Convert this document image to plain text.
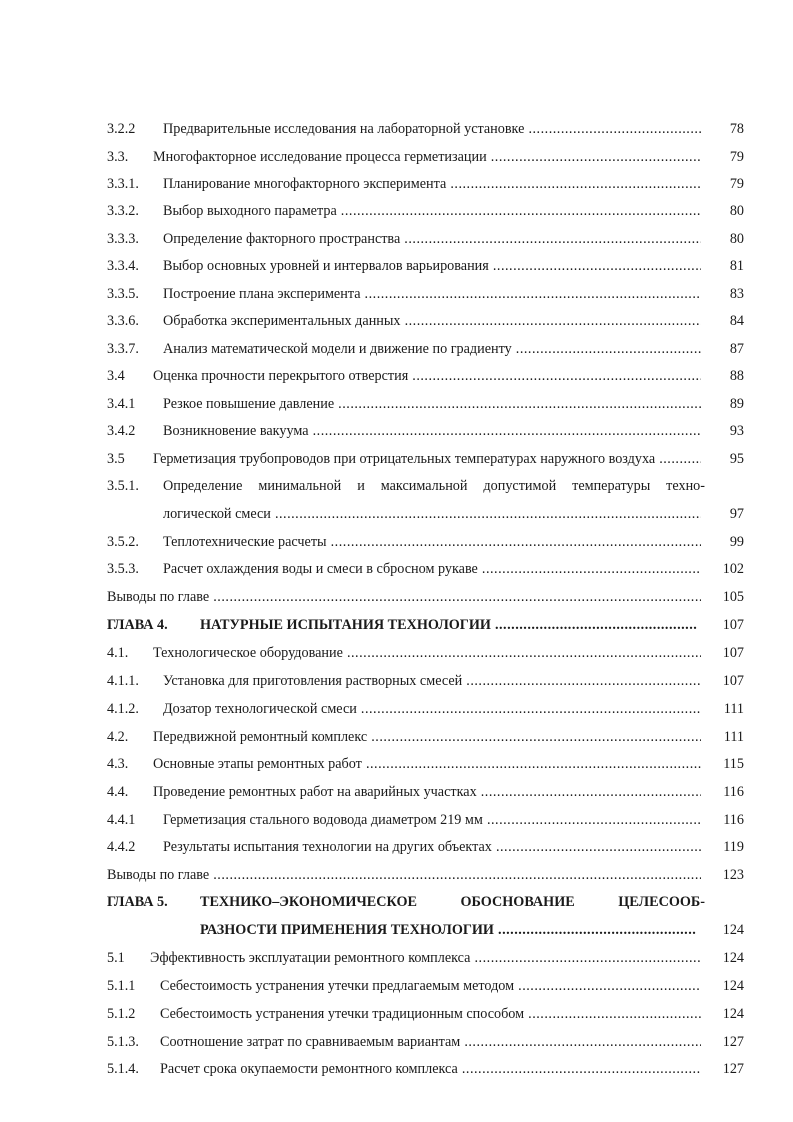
3.2.2 Предварительные исследования на лабораторной установке .....	78
3.3. Многофакторное исследование процесса герметизации .....	79
3.3.1. Планирование многофакторного эксперимента .....	79
3.3.2. Выбор выходного параметра .....	80
3.3.3. Определение факторного пространства .....	80
3.3.4. Выбор основных уровней и интервалов варьирования .....	81
3.3.5. Построение плана эксперимента .....	83
3.3.6. Обработка экспериментальных данных .....	84
3.3.7. Анализ математической модели и движение по градиенту .....	87
3.4 Оценка прочности перекрытого отверстия .....	88
3.4.1 Резкое повышение давление .....	89
3.4.2 Возникновение вакуума .....	93
3.5 Герметизация трубопроводов при отрицательных температурах наружного воздуха .....	95
3.5.1. Определение минимальной и максимальной допустимой температуры техно-
логической смеси .....	97
3.5.2. Теплотехнические расчеты .....	99
3.5.3. Расчет охлаждения воды и смеси в сбросном рукаве .....	102
Выводы по главе .....	105
ГЛАВА 4. НАТУРНЫЕ ИСПЫТАНИЯ ТЕХНОЛОГИИ .....	107
4.1. Технологическое оборудование .....	107
4.1.1. Установка для приготовления растворных смесей .....	107
4.1.2. Дозатор технологической смеси .....	111
4.2. Передвижной ремонтный комплекс .....	111
4.3. Основные этапы ремонтных работ .....	115
4.4. Проведение ремонтных работ на аварийных участках .....	116
4.4.1 Герметизация стального водовода диаметром 219 мм .....	116
4.4.2 Результаты испытания технологии на других объектах .....	119
Выводы по главе .....	123
ГЛАВА 5. ТЕХНИКО–ЭКОНОМИЧЕСКОЕ ОБОСНОВАНИЕ ЦЕЛЕСООБ-
РАЗНОСТИ ПРИМЕНЕНИЯ ТЕХНОЛОГИИ .....	124
5.1 Эффективность эксплуатации ремонтного комплекса .....	124
5.1.1 Себестоимость устранения утечки предлагаемым методом .....	124
5.1.2 Себестоимость устранения утечки традиционным способом .....	124
5.1.3. Соотношение затрат по сравниваемым вариантам .....	127
5.1.4. Расчет срока окупаемости ремонтного комплекса .....	127
